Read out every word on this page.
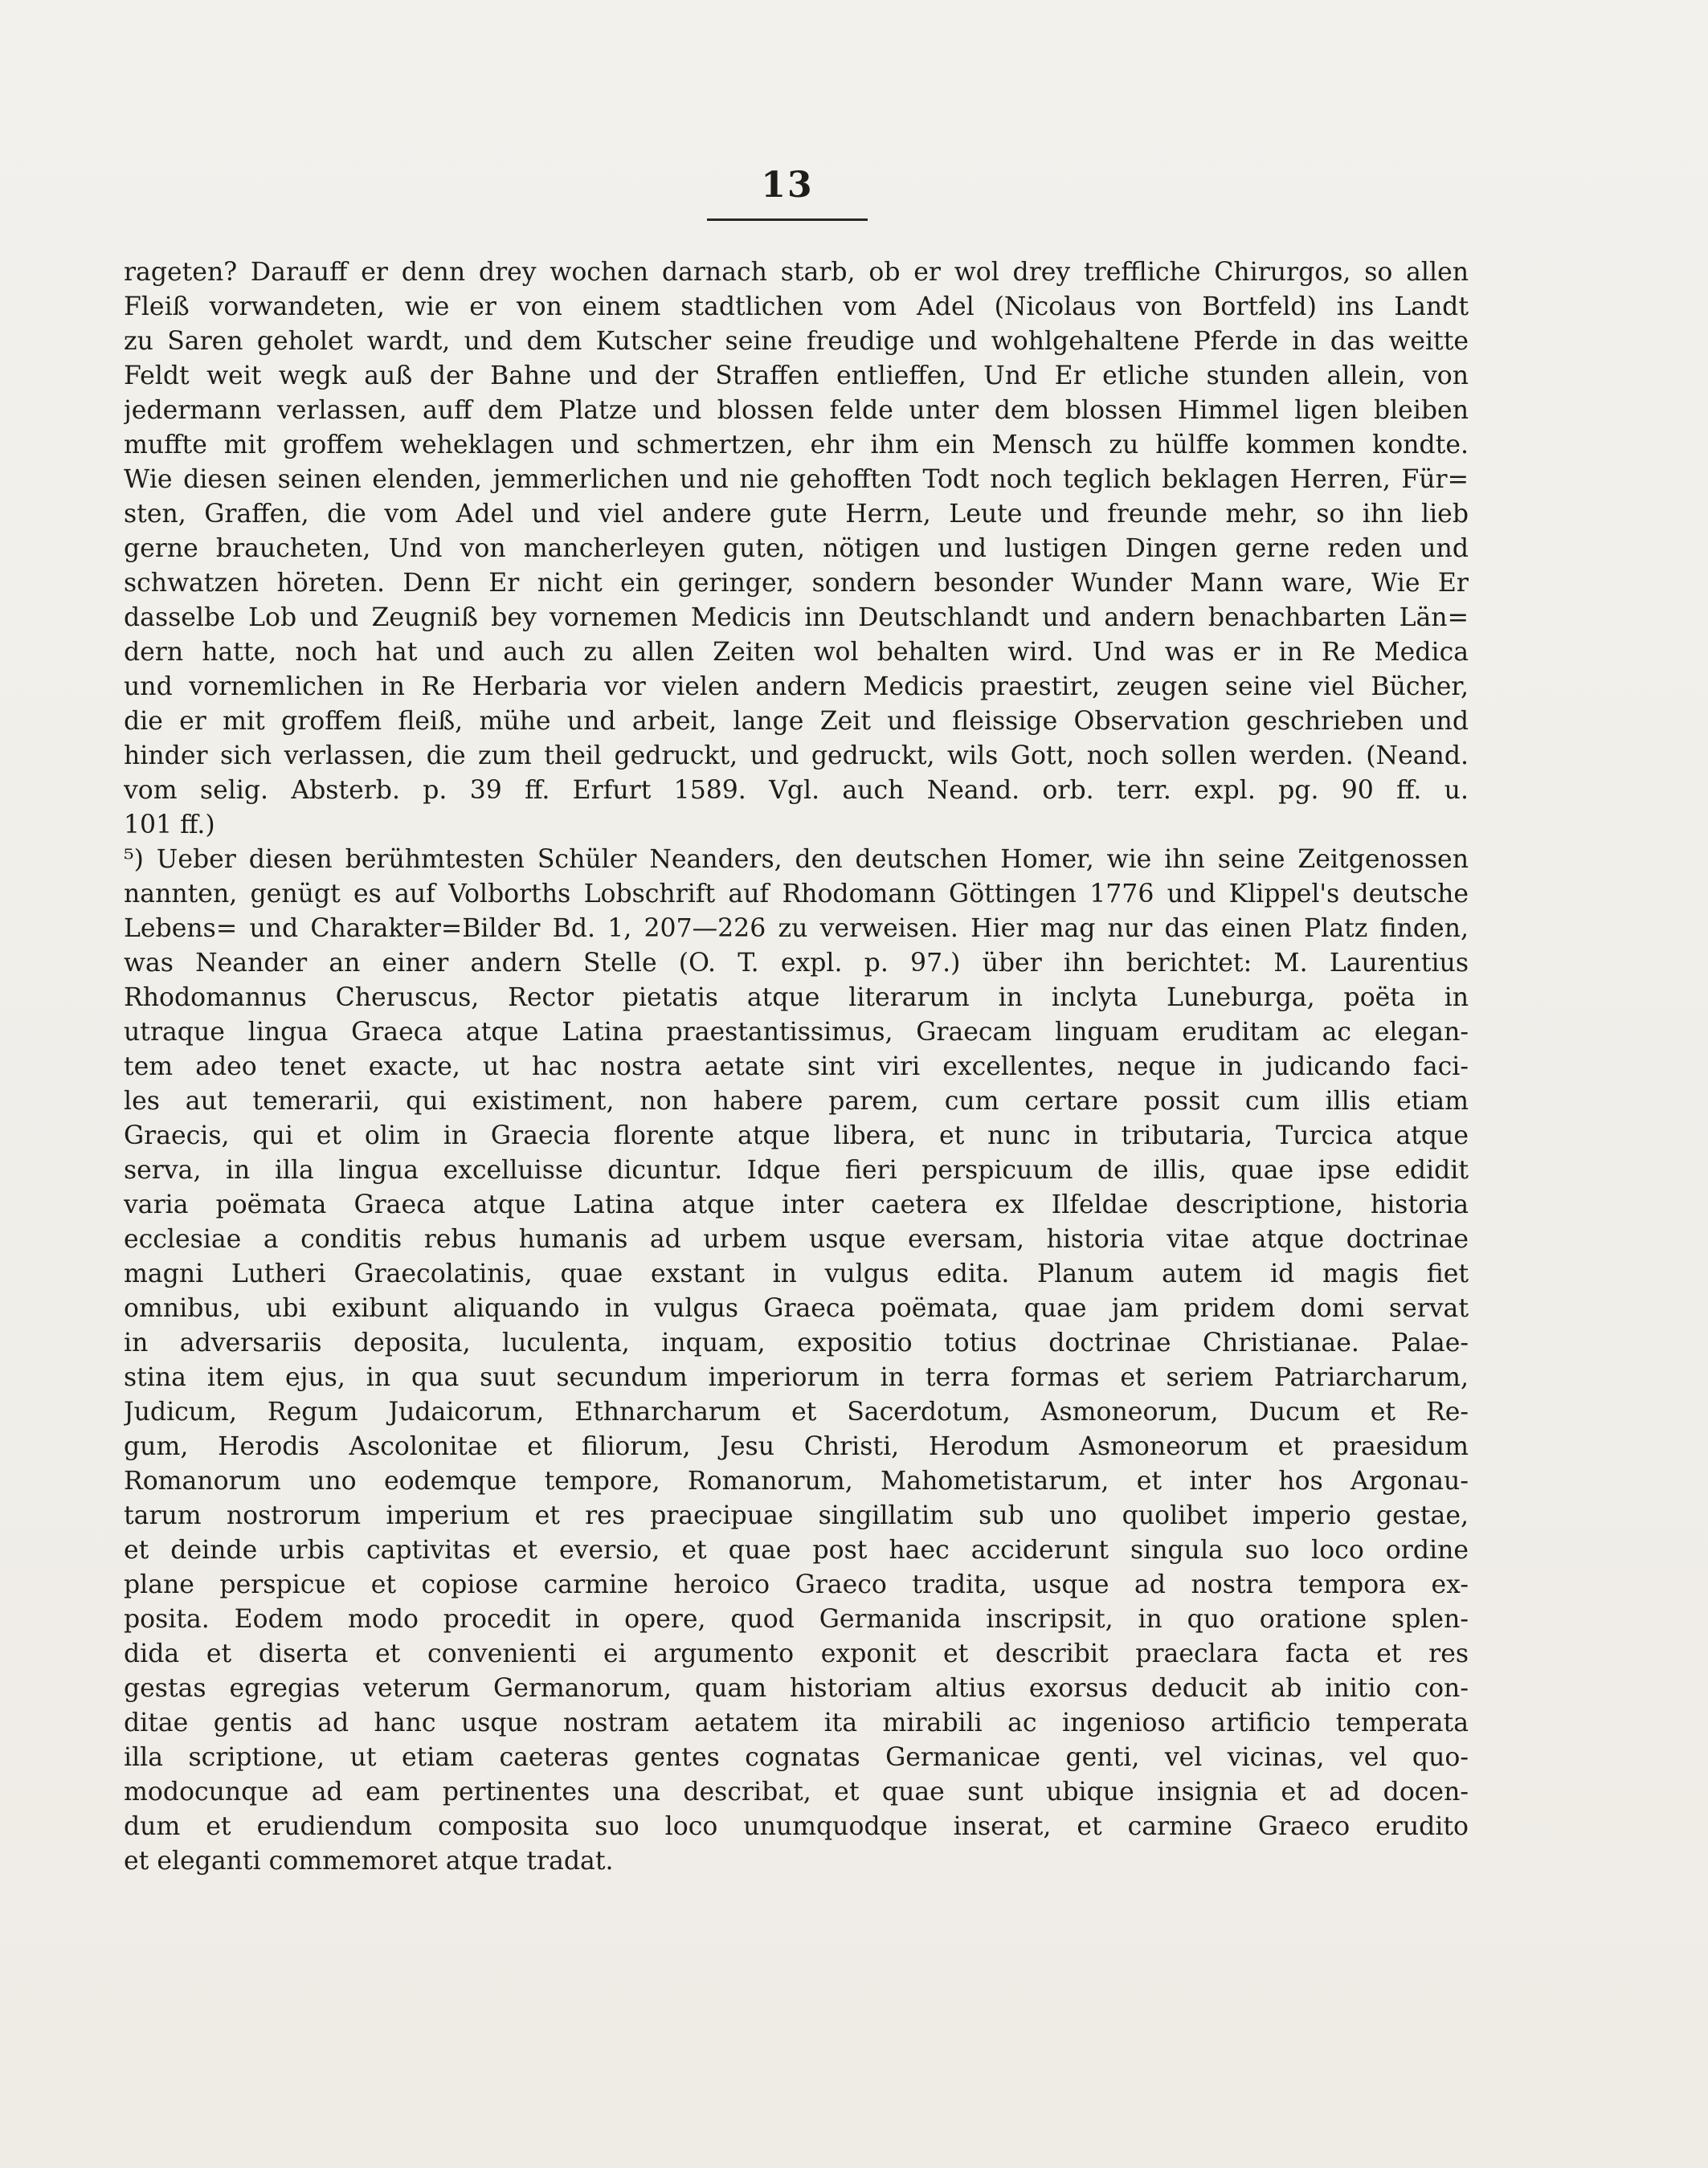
13
rageten? Darauff er denn drey wochen darnach starb, ob er wol drey treffliche Chirurgos, so allen
Fleiß vorwandeten, wie er von einem stadtlichen vom Adel (Nicolaus von Bortfeld) ins Landt
zu Saren geholet wardt, und dem Kutscher seine freudige und wohlgehaltene Pferde in das weitte
Feldt weit wegk auß der Bahne und der Straffen entlieffen, Und Er etliche stunden allein, von
jedermann verlassen, auff dem Platze und blossen felde unter dem blossen Himmel ligen bleiben
muffte mit groffem weheklagen und schmertzen, ehr ihm ein Mensch zu hülffe kommen kondte.
Wie diesen seinen elenden, jemmerlichen und nie gehofften Todt noch teglich beklagen Herren, Für=
sten, Graffen, die vom Adel und viel andere gute Herrn, Leute und freunde mehr, so ihn lieb
gerne braucheten, Und von mancherleyen guten, nötigen und lustigen Dingen gerne reden und
schwatzen höreten. Denn Er nicht ein geringer, sondern besonder Wunder Mann ware, Wie Er
dasselbe Lob und Zeugniß bey vornemen Medicis inn Deutschlandt und andern benachbarten Län=
dern hatte, noch hat und auch zu allen Zeiten wol behalten wird. Und was er in Re Medica
und vornemlichen in Re Herbaria vor vielen andern Medicis praestirt, zeugen seine viel Bücher,
die er mit groffem fleiß, mühe und arbeit, lange Zeit und fleissige Observation geschrieben und
hinder sich verlassen, die zum theil gedruckt, und gedruckt, wils Gott, noch sollen werden. (Neand.
vom selig. Absterb. p. 39 ff. Erfurt 1589. Vgl. auch Neand. orb. terr. expl. pg. 90 ff. u.
101 ff.)
⁵) Ueber diesen berühmtesten Schüler Neanders, den deutschen Homer, wie ihn seine Zeitgenossen
nannten, genügt es auf Volborths Lobschrift auf Rhodomann Göttingen 1776 und Klippel's deutsche
Lebens= und Charakter=Bilder Bd. 1, 207—226 zu verweisen. Hier mag nur das einen Platz finden,
was Neander an einer andern Stelle (O. T. expl. p. 97.) über ihn berichtet: M. Laurentius
Rhodomannus Cheruscus, Rector pietatis atque literarum in inclyta Luneburga, poëta in
utraque lingua Graeca atque Latina praestantissimus, Graecam linguam eruditam ac elegan-
tem adeo tenet exacte, ut hac nostra aetate sint viri excellentes, neque in judicando faci-
les aut temerarii, qui existiment, non habere parem, cum certare possit cum illis etiam
Graecis, qui et olim in Graecia florente atque libera, et nunc in tributaria, Turcica atque
serva, in illa lingua excelluisse dicuntur. Idque fieri perspicuum de illis, quae ipse edidit
varia poëmata Graeca atque Latina atque inter caetera ex Ilfeldae descriptione, historia
ecclesiae a conditis rebus humanis ad urbem usque eversam, historia vitae atque doctrinae
magni Lutheri Graecolatinis, quae exstant in vulgus edita. Planum autem id magis fiet
omnibus, ubi exibunt aliquando in vulgus Graeca poëmata, quae jam pridem domi servat
in adversariis deposita, luculenta, inquam, expositio totius doctrinae Christianae. Palae-
stina item ejus, in qua suut secundum imperiorum in terra formas et seriem Patriarcharum,
Judicum, Regum Judaicorum, Ethnarcharum et Sacerdotum, Asmoneorum, Ducum et Re-
gum, Herodis Ascolonitae et filiorum, Jesu Christi, Herodum Asmoneorum et praesidum
Romanorum uno eodemque tempore, Romanorum, Mahometistarum, et inter hos Argonau-
tarum nostrorum imperium et res praecipuae singillatim sub uno quolibet imperio gestae,
et deinde urbis captivitas et eversio, et quae post haec acciderunt singula suo loco ordine
plane perspicue et copiose carmine heroico Graeco tradita, usque ad nostra tempora ex-
posita. Eodem modo procedit in opere, quod Germanida inscripsit, in quo oratione splen-
dida et diserta et convenienti ei argumento exponit et describit praeclara facta et res
gestas egregias veterum Germanorum, quam historiam altius exorsus deducit ab initio con-
ditae gentis ad hanc usque nostram aetatem ita mirabili ac ingenioso artificio temperata
illa scriptione, ut etiam caeteras gentes cognatas Germanicae genti, vel vicinas, vel quo-
modocunque ad eam pertinentes una describat, et quae sunt ubique insignia et ad docen-
dum et erudiendum composita suo loco unumquodque inserat, et carmine Graeco erudito
et eleganti commemoret atque tradat.
